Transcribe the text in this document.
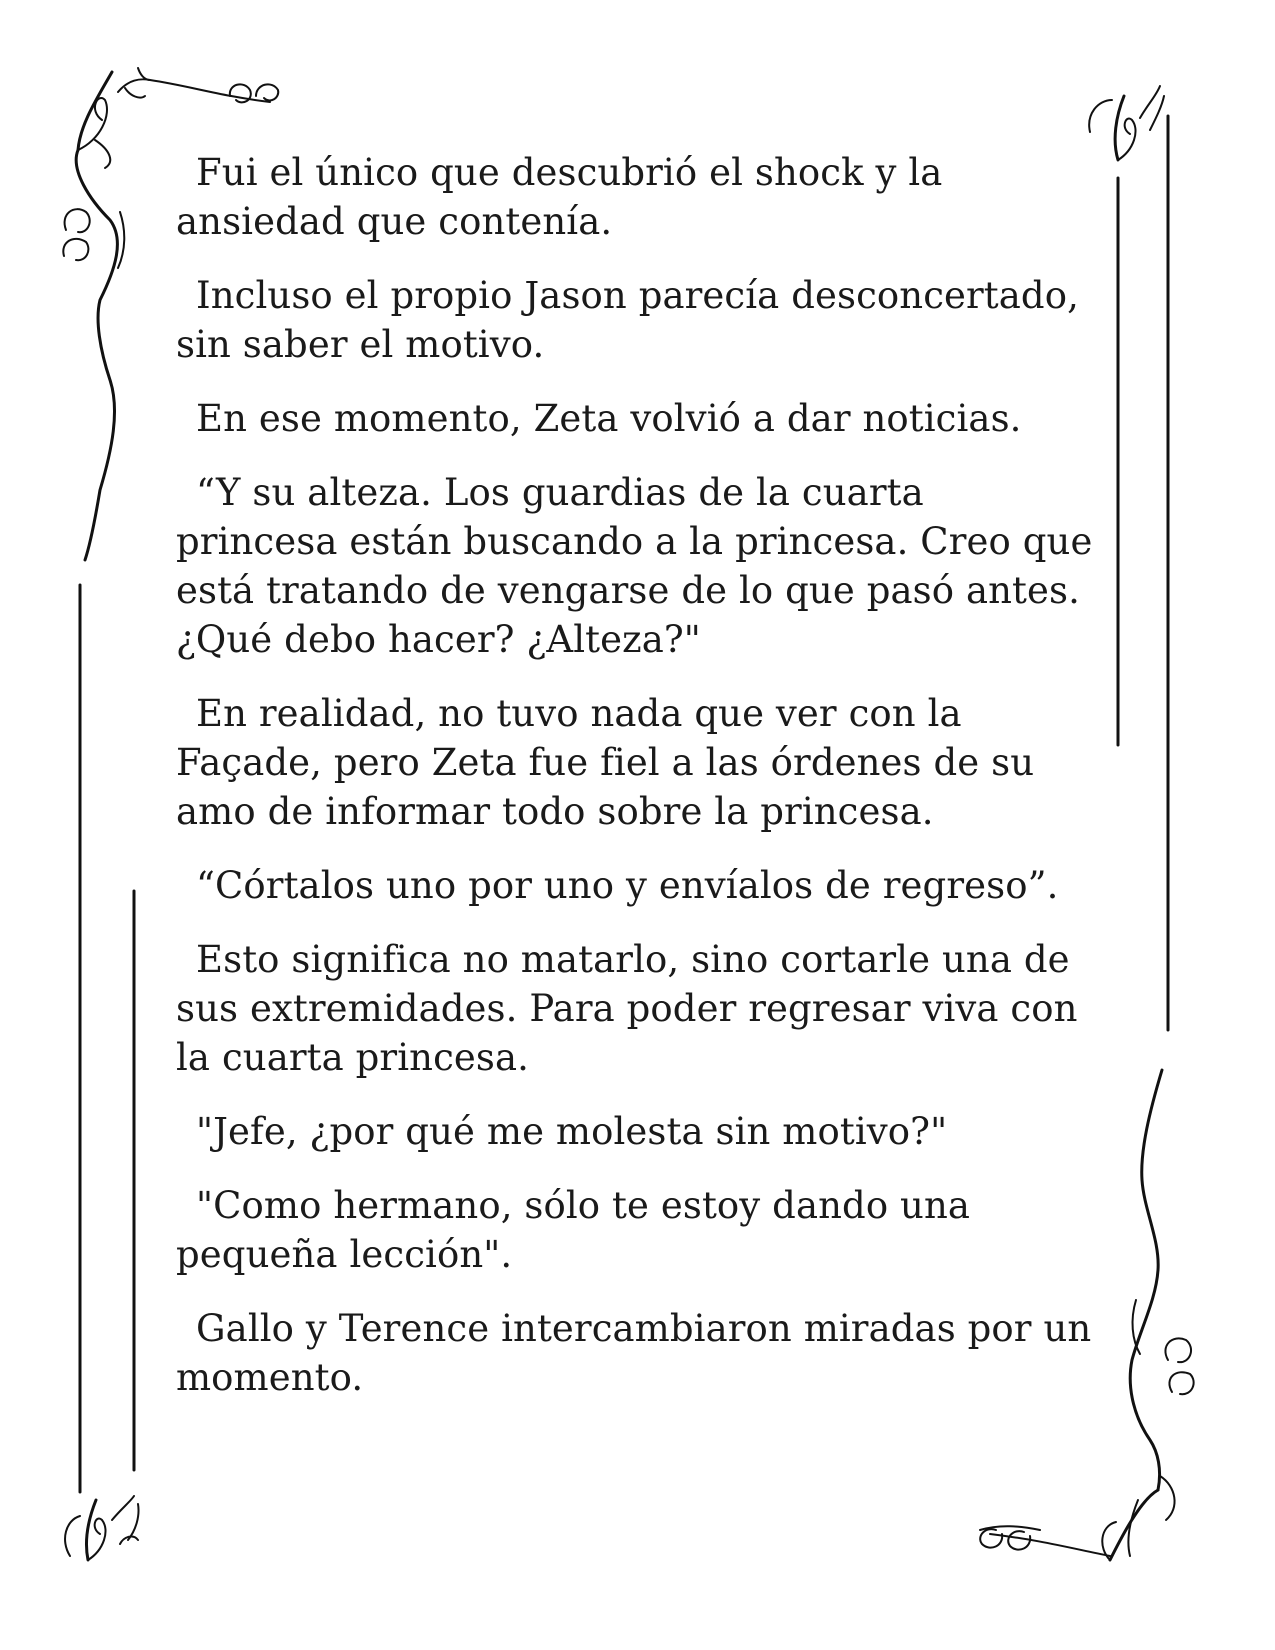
Fui el único que descubrió el shock y la ansiedad que contenía.

Incluso el propio Jason parecía desconcertado, sin saber el motivo.

En ese momento, Zeta volvió a dar noticias.

“Y su alteza. Los guardias de la cuarta princesa están buscando a la princesa. Creo que está tratando de vengarse de lo que pasó antes. ¿Qué debo hacer? ¿Alteza?"

En realidad, no tuvo nada que ver con la Façade, pero Zeta fue fiel a las órdenes de su amo de informar todo sobre la princesa.

“Córtalos uno por uno y envíalos de regreso”.

Esto significa no matarlo, sino cortarle una de sus extremidades. Para poder regresar viva con la cuarta princesa.

"Jefe, ¿por qué me molesta sin motivo?"

"Como hermano, sólo te estoy dando una pequeña lección".

Gallo y Terence intercambiaron miradas por un momento.
